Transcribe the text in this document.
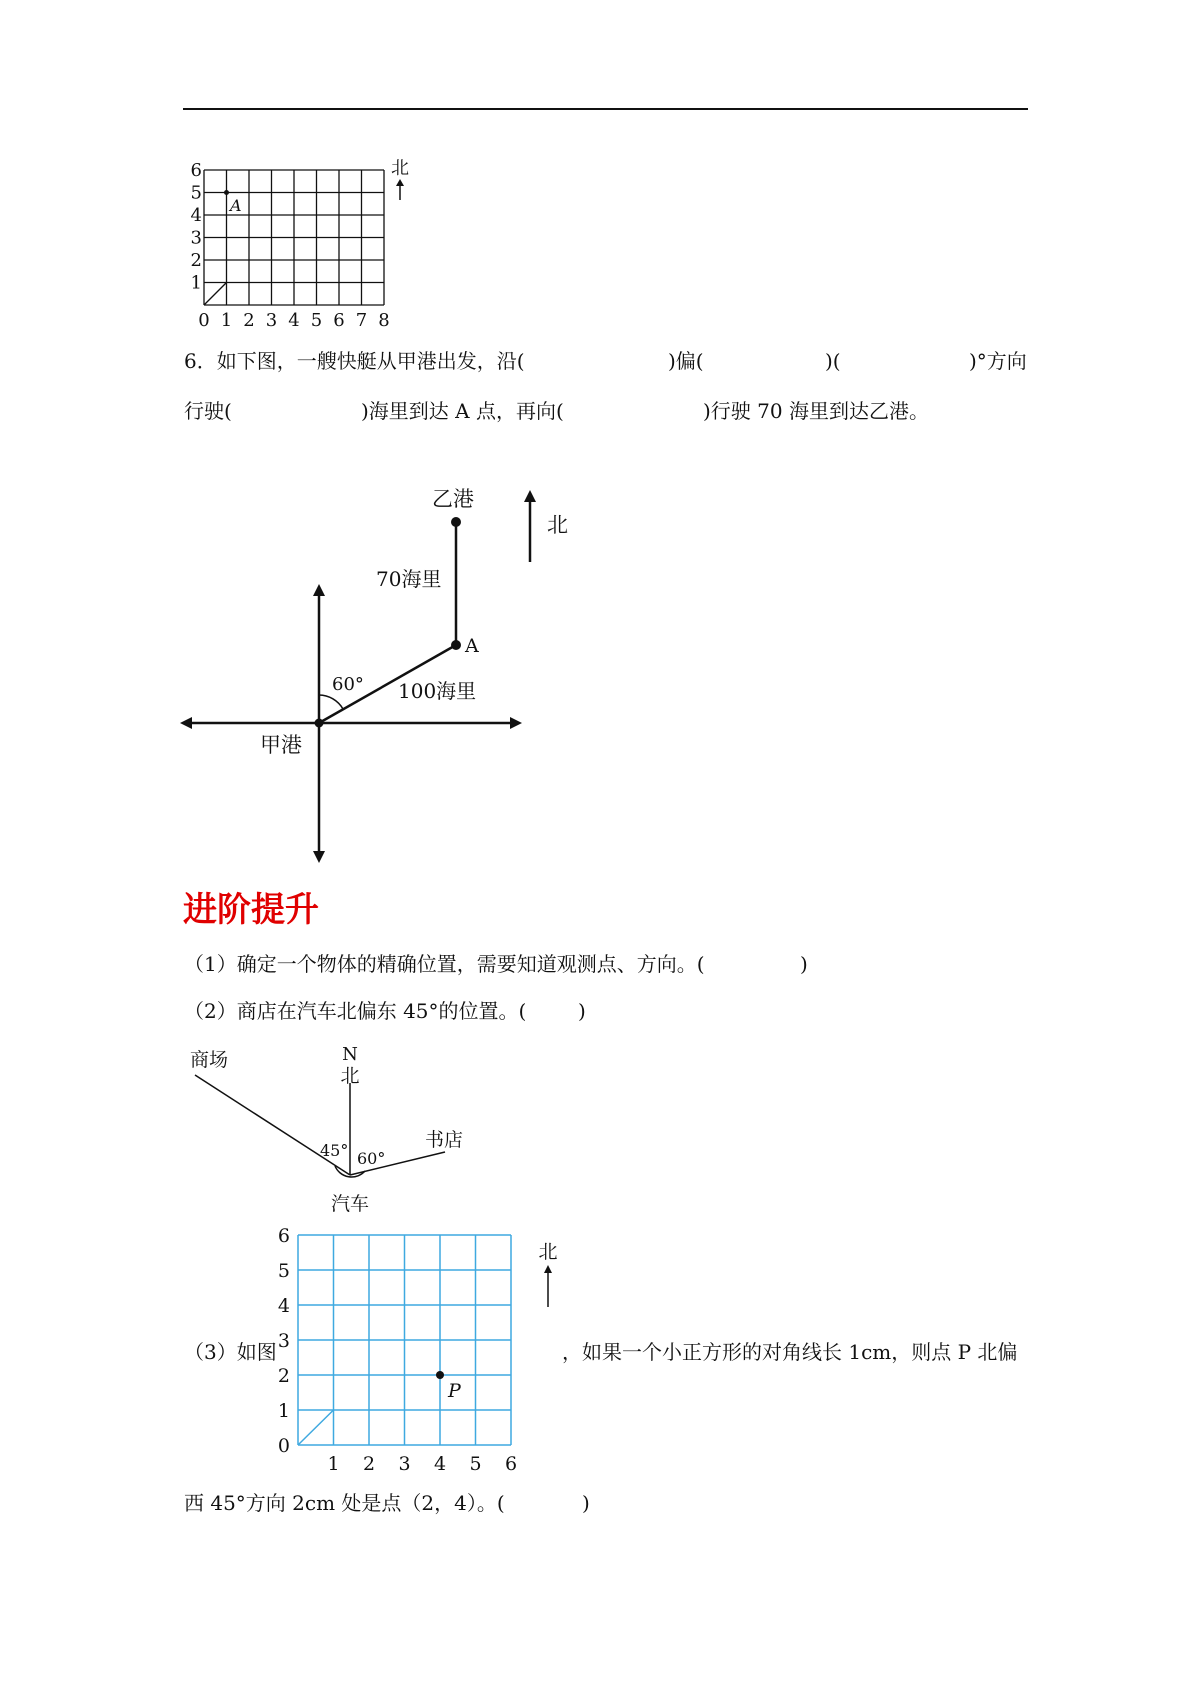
A
6
5
4
3
2
1
0 1 2 3 4 5 6 7 8
北
6．如下图，一艘快艇从甲港出发，沿(	)偏(	)(	)°方向
行驶(	)海里到达 A 点，再向(	)行驶 70 海里到达乙港。
乙港
北
70海里
A
60° 100海里
甲港
进阶提升
（1）确定一个物体的精确位置，需要知道观测点、方向。(	)
（2）商店在汽车北偏东 45°的位置。(	)
N
北
商场
书店
45° 60°
汽车
（3）如图	，如果一个小正方形的对角线长 1cm，则点 P 北偏
P
6
5
4
3
2
1
0
1 2 3 4 5 6
北
西 45°方向 2cm 处是点（2，4）。(	)
